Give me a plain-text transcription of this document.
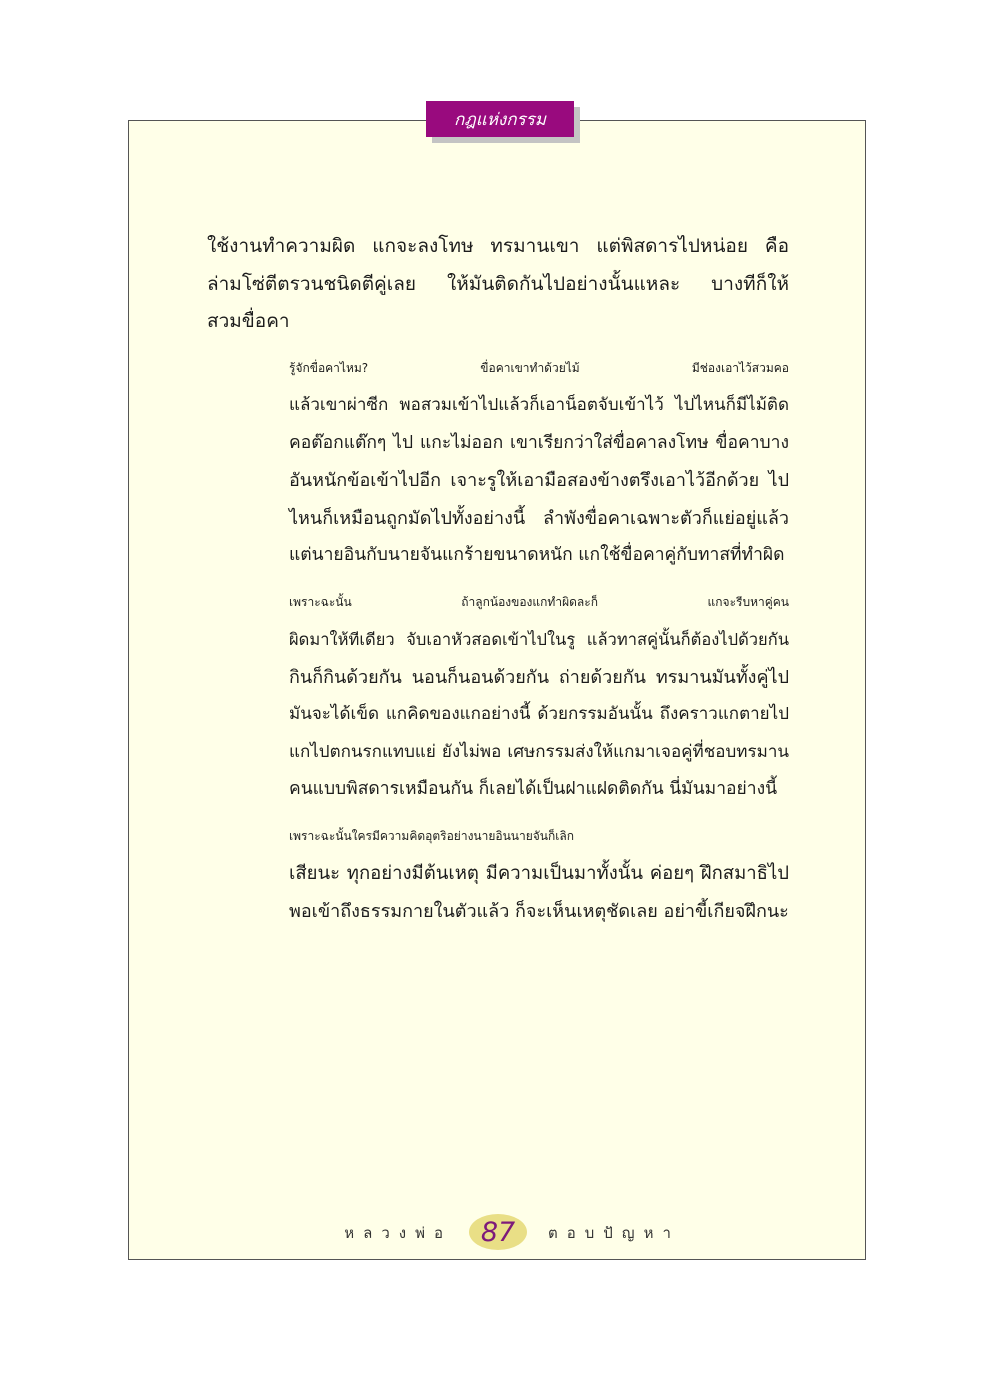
กฎแห่งกรรม

ใช้งานทำความผิด แกจะลงโทษ ทรมานเขา แต่พิสดารไปหน่อย คือ
ล่ามโซ่ตีตรวนชนิดตีคู่เลย ให้มันติดกันไปอย่างนั้นแหละ บางทีก็ให้
สวมขื่อคา

รู้จักขื่อคาไหม? ขื่อคาเขาทำด้วยไม้ มีช่องเอาไว้สวมคอ
แล้วเขาผ่าซีก พอสวมเข้าไปแล้วก็เอาน็อตจับเข้าไว้ ไปไหนก็มีไม้ติด
คอต๊อกแต๊กๆ ไป แกะไม่ออก เขาเรียกว่าใส่ขื่อคาลงโทษ ขื่อคาบาง
อันหนักข้อเข้าไปอีก เจาะรูให้เอามือสองข้างตรึงเอาไว้อีกด้วย ไป
ไหนก็เหมือนถูกมัดไปทั้งอย่างนี้ ลำพังขื่อคาเฉพาะตัวก็แย่อยู่แล้ว
แต่นายอินกับนายจันแกร้ายขนาดหนัก แกใช้ขื่อคาคู่กับทาสที่ทำผิด

เพราะฉะนั้น ถ้าลูกน้องของแกทำผิดละก็ แกจะรีบหาคู่คน
ผิดมาให้ทีเดียว จับเอาหัวสอดเข้าไปในรู แล้วทาสคู่นั้นก็ต้องไปด้วยกัน
กินก็กินด้วยกัน นอนก็นอนด้วยกัน ถ่ายด้วยกัน ทรมานมันทั้งคู่ไป
มันจะได้เข็ด แกคิดของแกอย่างนี้ ด้วยกรรมอันนั้น ถึงคราวแกตายไป
แกไปตกนรกแทบแย่ ยังไม่พอ เศษกรรมส่งให้แกมาเจอคู่ที่ชอบทรมาน
คนแบบพิสดารเหมือนกัน ก็เลยได้เป็นฝาแฝดติดกัน นี่มันมาอย่างนี้

เพราะฉะนั้นใครมีความคิดอุตริอย่างนายอินนายจันก็เลิก
เสียนะ ทุกอย่างมีต้นเหตุ มีความเป็นมาทั้งนั้น ค่อยๆ ฝึกสมาธิไป
พอเข้าถึงธรรมกายในตัวแล้ว ก็จะเห็นเหตุชัดเลย อย่าขี้เกียจฝึกนะ

หลวงพ่อ 87 ตอบปัญหา
